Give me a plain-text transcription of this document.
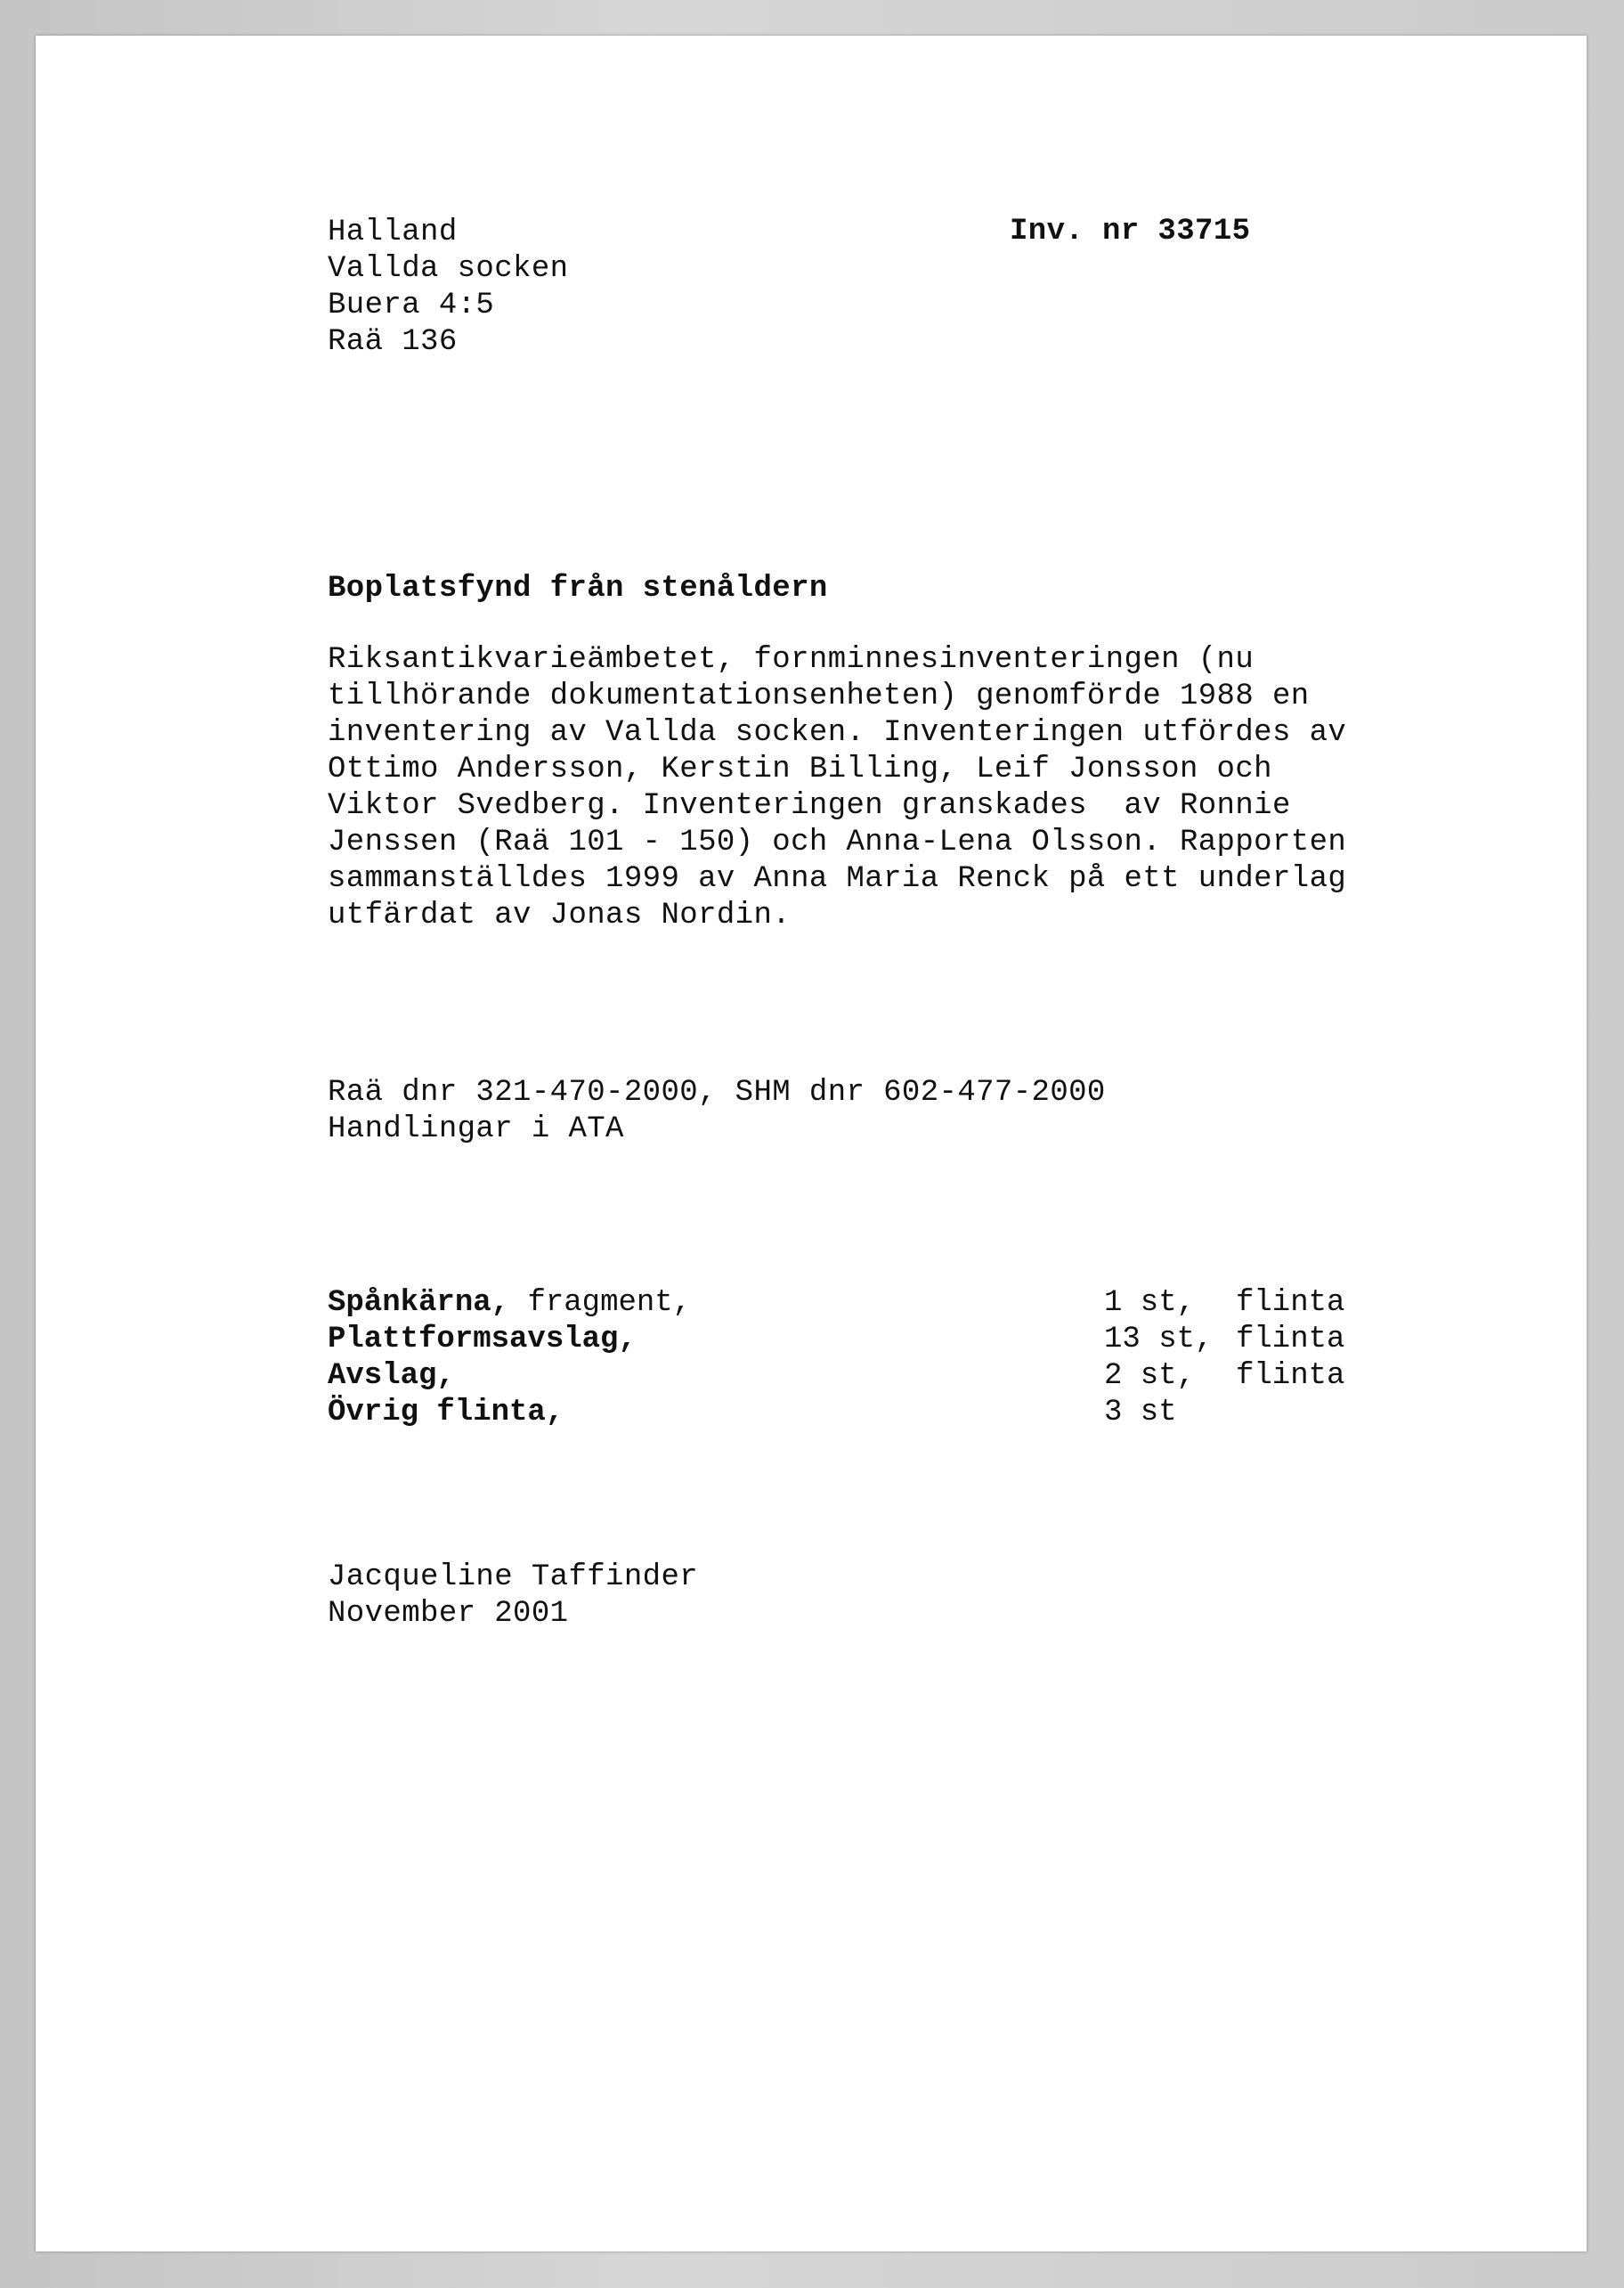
Halland
Vallda socken
Buera 4:5
Raä 136
Inv. nr 33715
Boplatsfynd från stenåldern
Riksantikvarieämbetet, fornminnesinventeringen (nu
tillhörande dokumentationsenheten) genomförde 1988 en
inventering av Vallda socken. Inventeringen utfördes av
Ottimo Andersson, Kerstin Billing, Leif Jonsson och
Viktor Svedberg. Inventeringen granskades  av Ronnie
Jenssen (Raä 101 - 150) och Anna-Lena Olsson. Rapporten
sammanställdes 1999 av Anna Maria Renck på ett underlag
utfärdat av Jonas Nordin.
Raä dnr 321-470-2000, SHM dnr 602-477-2000
Handlingar i ATA
Spånkärna, fragment,	1 st, flinta
Plattformsavslag,	13 st, flinta
Avslag,	2 st, flinta
Övrig flinta,	3 st
Jacqueline Taffinder
November 2001
